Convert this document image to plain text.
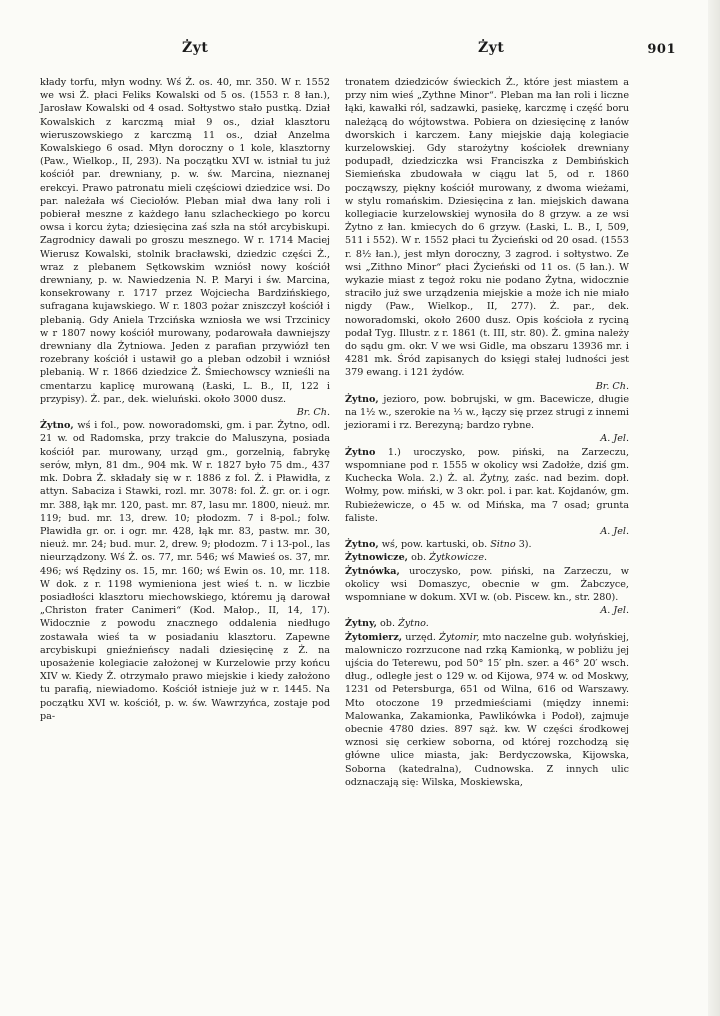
Żyt	Żyt	901

kłady torfu, młyn wodny. Wś Ż. os. 40, mr. 350. W r. 1552 we wsi Ż. płaci Feliks Kowalski od 5 os. (1553 r. 8 łan.), Jarosław Kowalski od 4 osad. Sołtystwo stało pustką. Dział Kowalskich z karczmą miał 9 os., dział klasztoru wieruszowskiego z karczmą 11 os., dział Anzelma Kowalskiego 6 osad. Młyn doroczny o 1 kole, klasztorny (Paw., Wielkop., II, 293). Na początku XVI w. istniał tu już kościół par. drewniany, p. w. św. Marcina, nieznanej erekcyi. Prawo patronatu mieli częściowi dziedzice wsi. Do par. należała wś Cieciołów. Pleban miał dwa łany roli i pobierał meszne z każdego łanu szlacheckiego po korcu owsa i korcu żyta; dziesięcina zaś szła na stół arcybiskupi. Zagrodnicy dawali po groszu mesznego. W r. 1714 Maciej Wierusz Kowalski, stolnik bracławski, dziedzic części Ż., wraz z plebanem Sętkowskim wzniósł nowy kościół drewniany, p. w. Nawiedzenia N. P. Maryi i św. Marcina, konsekrowany r. 1717 przez Wojciecha Bardzińskiego, sufragana kujawskiego. W r. 1803 pożar zniszczył kościół i plebanią. Gdy Aniela Trzcińska wzniosła we wsi Trzcinicy w r 1807 nowy kościół murowany, podarowała dawniejszy drewniany dla Żytniowa. Jeden z parafian przywiózł ten rozebrany kościół i ustawił go a pleban odzobił i wzniósł plebanią. W r. 1866 dziedzice Ż. Śmiechowscy wznieśli na cmentarzu kaplicę murowaną (Łaski, L. B., II, 122 i przypisy). Ż. par., dek. wieluński. około 3000 dusz.
Br. Ch.

Żytno, wś i fol., pow. noworadomski, gm. i par. Żytno, odl. 21 w. od Radomska, przy trakcie do Maluszyna, posiada kościół par. murowany, urząd gm., gorzelnią, fabrykę serów, młyn, 81 dm., 904 mk. W r. 1827 było 75 dm., 437 mk. Dobra Ż. składały się w r. 1886 z fol. Ż. i Pławidła, z attyn. Sabaciza i Stawki, rozl. mr. 3078: fol. Ż. gr. or. i ogr. mr. 388, łąk mr. 120, past. mr. 87, lasu mr. 1800, nieuż. mr. 119; bud. mr. 13, drew. 10; płodozm. 7 i 8-pol.; folw. Pławidła gr. or. i ogr. mr. 428, łąk mr. 83, pastw. mr. 30, nieuż. mr. 24; bud. mur. 2, drew. 9; płodozm. 7 i 13-pol., las nieurządzony. Wś Ż. os. 77, mr. 546; wś Mawieś os. 37, mr. 496; wś Rędziny os. 15, mr. 160; wś Ewin os. 10, mr. 118. W dok. z r. 1198 wymieniona jest wieś t. n. w liczbie posiadłości klasztoru miechowskiego, któremu ją darował „Christon frater Canimeri“ (Kod. Małop., II, 14, 17). Widocznie z powodu znacznego oddalenia niedługo zostawała wieś ta w posiadaniu klasztoru. Zapewne arcybiskupi gnieźnieńscy nadali dziesięcinę z Ż. na uposażenie kolegiacie założonej w Kurzelowie przy końcu XIV w. Kiedy Ż. otrzymało prawo miejskie i kiedy założono tu parafią, niewiadomo. Kościół istnieje już w r. 1445. Na początku XVI w. kościół, p. w. św. Wawrzyńca, zostaje pod pa-

tronatem dziedziców świeckich Ż., które jest miastem a przy nim wieś „Zythne Minor“. Pleban ma łan roli i liczne łąki, kawałki ról, sadzawki, pasiekę, karczmę i część boru należącą do wójtowstwa. Pobiera on dziesięcinę z łanów dworskich i karczem. Łany miejskie dają kolegiacie kurzelowskiej. Gdy starożytny kościołek drewniany podupadł, dziedziczka wsi Franciszka z Dembińskich Siemieńska zbudowała w ciągu lat 5, od r. 1860 począwszy, piękny kościół murowany, z dwoma wieżami, w stylu romańskim. Dziesięcina z łan. miejskich dawana kollegiacie kurzelowskiej wynosiła do 8 grzyw. a ze wsi Żytno z łan. kmiecych do 6 grzyw. (Łaski, L. B., I, 509, 511 i 552). W r. 1552 płaci tu Życieński od 20 osad. (1553 r. 8½ łan.), jest młyn doroczny, 3 zagrod. i sołtystwo. Ze wsi „Zithno Minor“ płaci Życieński od 11 os. (5 łan.). W wykazie miast z tegoż roku nie podano Żytna, widocznie straciło już swe urządzenia miejskie a może ich nie miało nigdy (Paw., Wielkop., II, 277). Ż. par., dek. noworadomski, około 2600 dusz. Opis kościoła z ryciną podał Tyg. Illustr. z r. 1861 (t. III, str. 80). Ż. gmina należy do sądu gm. okr. V we wsi Gidle, ma obszaru 13936 mr. i 4281 mk. Śród zapisanych do księgi stałej ludności jest 379 ewang. i 121 żydów.
Br. Ch.

Żytno, jezioro, pow. bobrujski, w gm. Bacewicze, długie na 1½ w., szerokie na ⅓ w., łączy się przez strugi z innemi jeziorami i rz. Berezyną; bardzo rybne.
A. Jel.

Żytno 1.) uroczysko, pow. piński, na Zarzeczu, wspomniane pod r. 1555 w okolicy wsi Zadołże, dziś gm. Kuchecka Wola. 2.) Ż. al. Żytny, zaśc. nad bezim. dopł. Wołmy, pow. miński, w 3 okr. pol. i par. kat. Kojdanów, gm. Rubieżewicze, o 45 w. od Mińska, ma 7 osad; grunta faliste.
A. Jel.

Żytno, wś, pow. kartuski, ob. Sitno 3).

Żytnowicze, ob. Żytkowicze.

Żytnówka, uroczysko, pow. piński, na Zarzeczu, w okolicy wsi Domaszyc, obecnie w gm. Żabczyce, wspomniane w dokum. XVI w. (ob. Piscew. kn., str. 280).
A. Jel.

Żytny, ob. Żytno.

Żytomierz, urzęd. Żytomir, mto naczelne gub. wołyńskiej, malowniczo rozrzucone nad rzką Kamionką, w pobliżu jej ujścia do Teterewu, pod 50° 15′ płn. szer. a 46° 20′ wsch. dług., odległe jest o 129 w. od Kijowa, 974 w. od Moskwy, 1231 od Petersburga, 651 od Wilna, 616 od Warszawy. Mto otoczone 19 przedmieściami (między innemi: Malowanka, Zakamionka, Pawlikówka i Podoł), zajmuje obecnie 4780 dzies. 897 sąż. kw. W części środkowej wznosi się cerkiew soborna, od której rozchodzą się główne ulice miasta, jak: Berdyczowska, Kijowska, Soborna (katedralna), Cudnowska. Z innych ulic odznaczają się: Wilska, Moskiewska,
